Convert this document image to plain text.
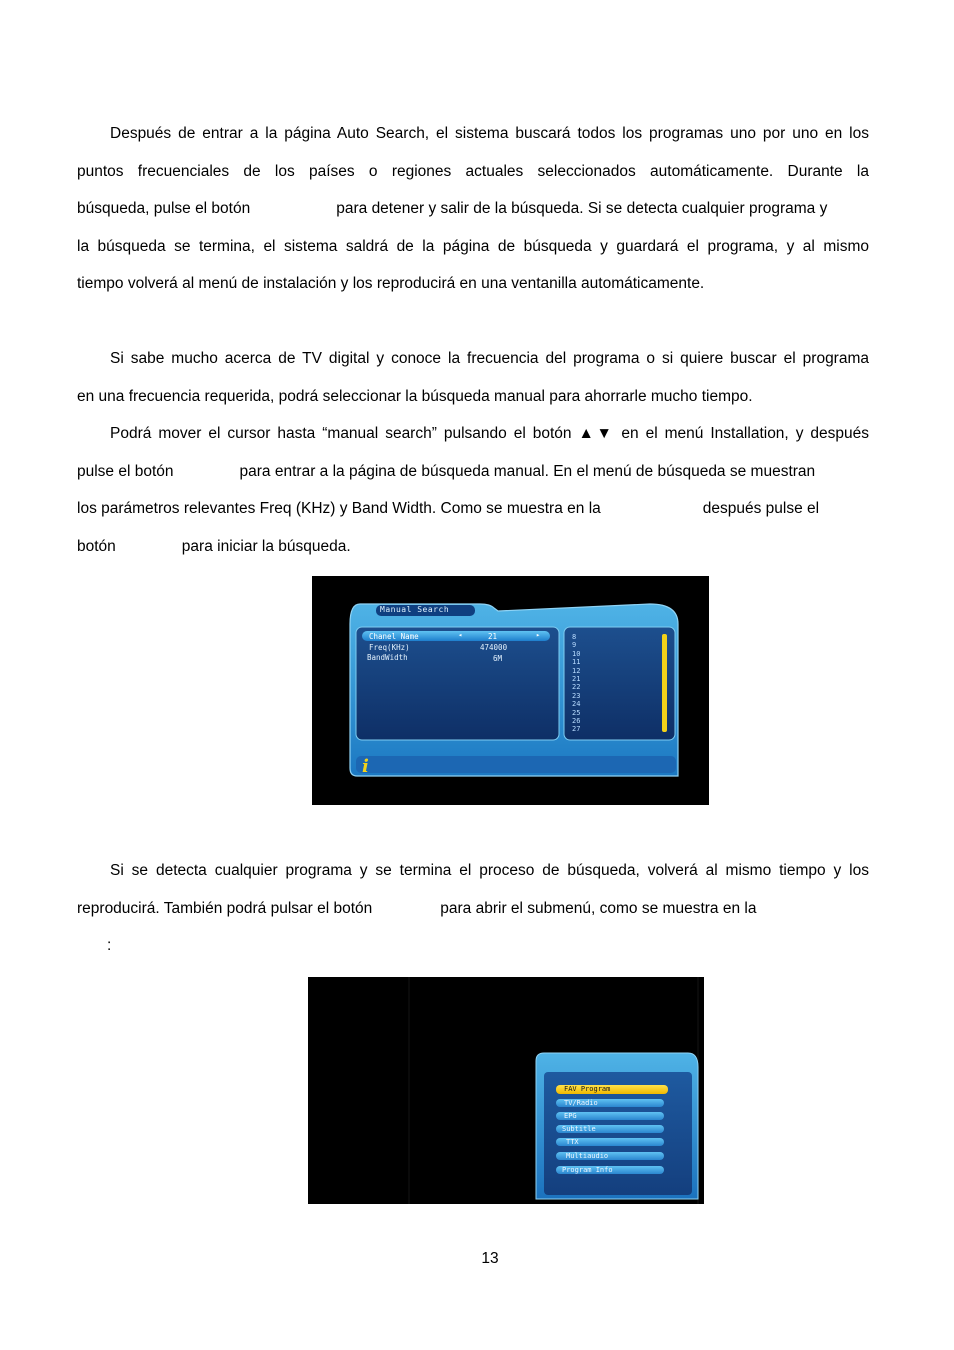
Después de entrar a la página Auto Search, el sistema buscará todos los programas uno por uno en los
puntos frecuenciales de los países o regiones actuales seleccionados automáticamente. Durante la
búsqueda, pulse el botón	para detener y salir de la búsqueda. Si se detecta cualquier programa y
la búsqueda se termina, el sistema saldrá de la página de búsqueda y guardará el programa, y al mismo
tiempo volverá al menú de instalación y los reproducirá en una ventanilla automáticamente.
Si sabe mucho acerca de TV digital y conoce la frecuencia del programa o si quiere buscar el programa
en una frecuencia requerida, podrá seleccionar la búsqueda manual para ahorrarle mucho tiempo.
Podrá mover el cursor hasta “manual search” pulsando el botón ▲▼ en el menú Installation, y después
pulse el botón	para entrar a la página de búsqueda manual. En el menú de búsqueda se muestran
los parámetros relevantes Freq (KHz) y Band Width. Como se muestra en la	después pulse el
botón	para iniciar la búsqueda.
Manual Search
Chanel Name	◂	21	▸
Freq(KHz)	474000
BandWidth	6M
8
9
10
11
12
21
22
23
24
25
26
27
i
Si se detecta cualquier programa y se termina el proceso de búsqueda, volverá al mismo tiempo y los
reproducirá. También podrá pulsar el botón	para abrir el submenú, como se muestra en la
:
FAV Program
TV/Radio
EPG
Subtitle
TTX
Multiaudio
Program Info
13
